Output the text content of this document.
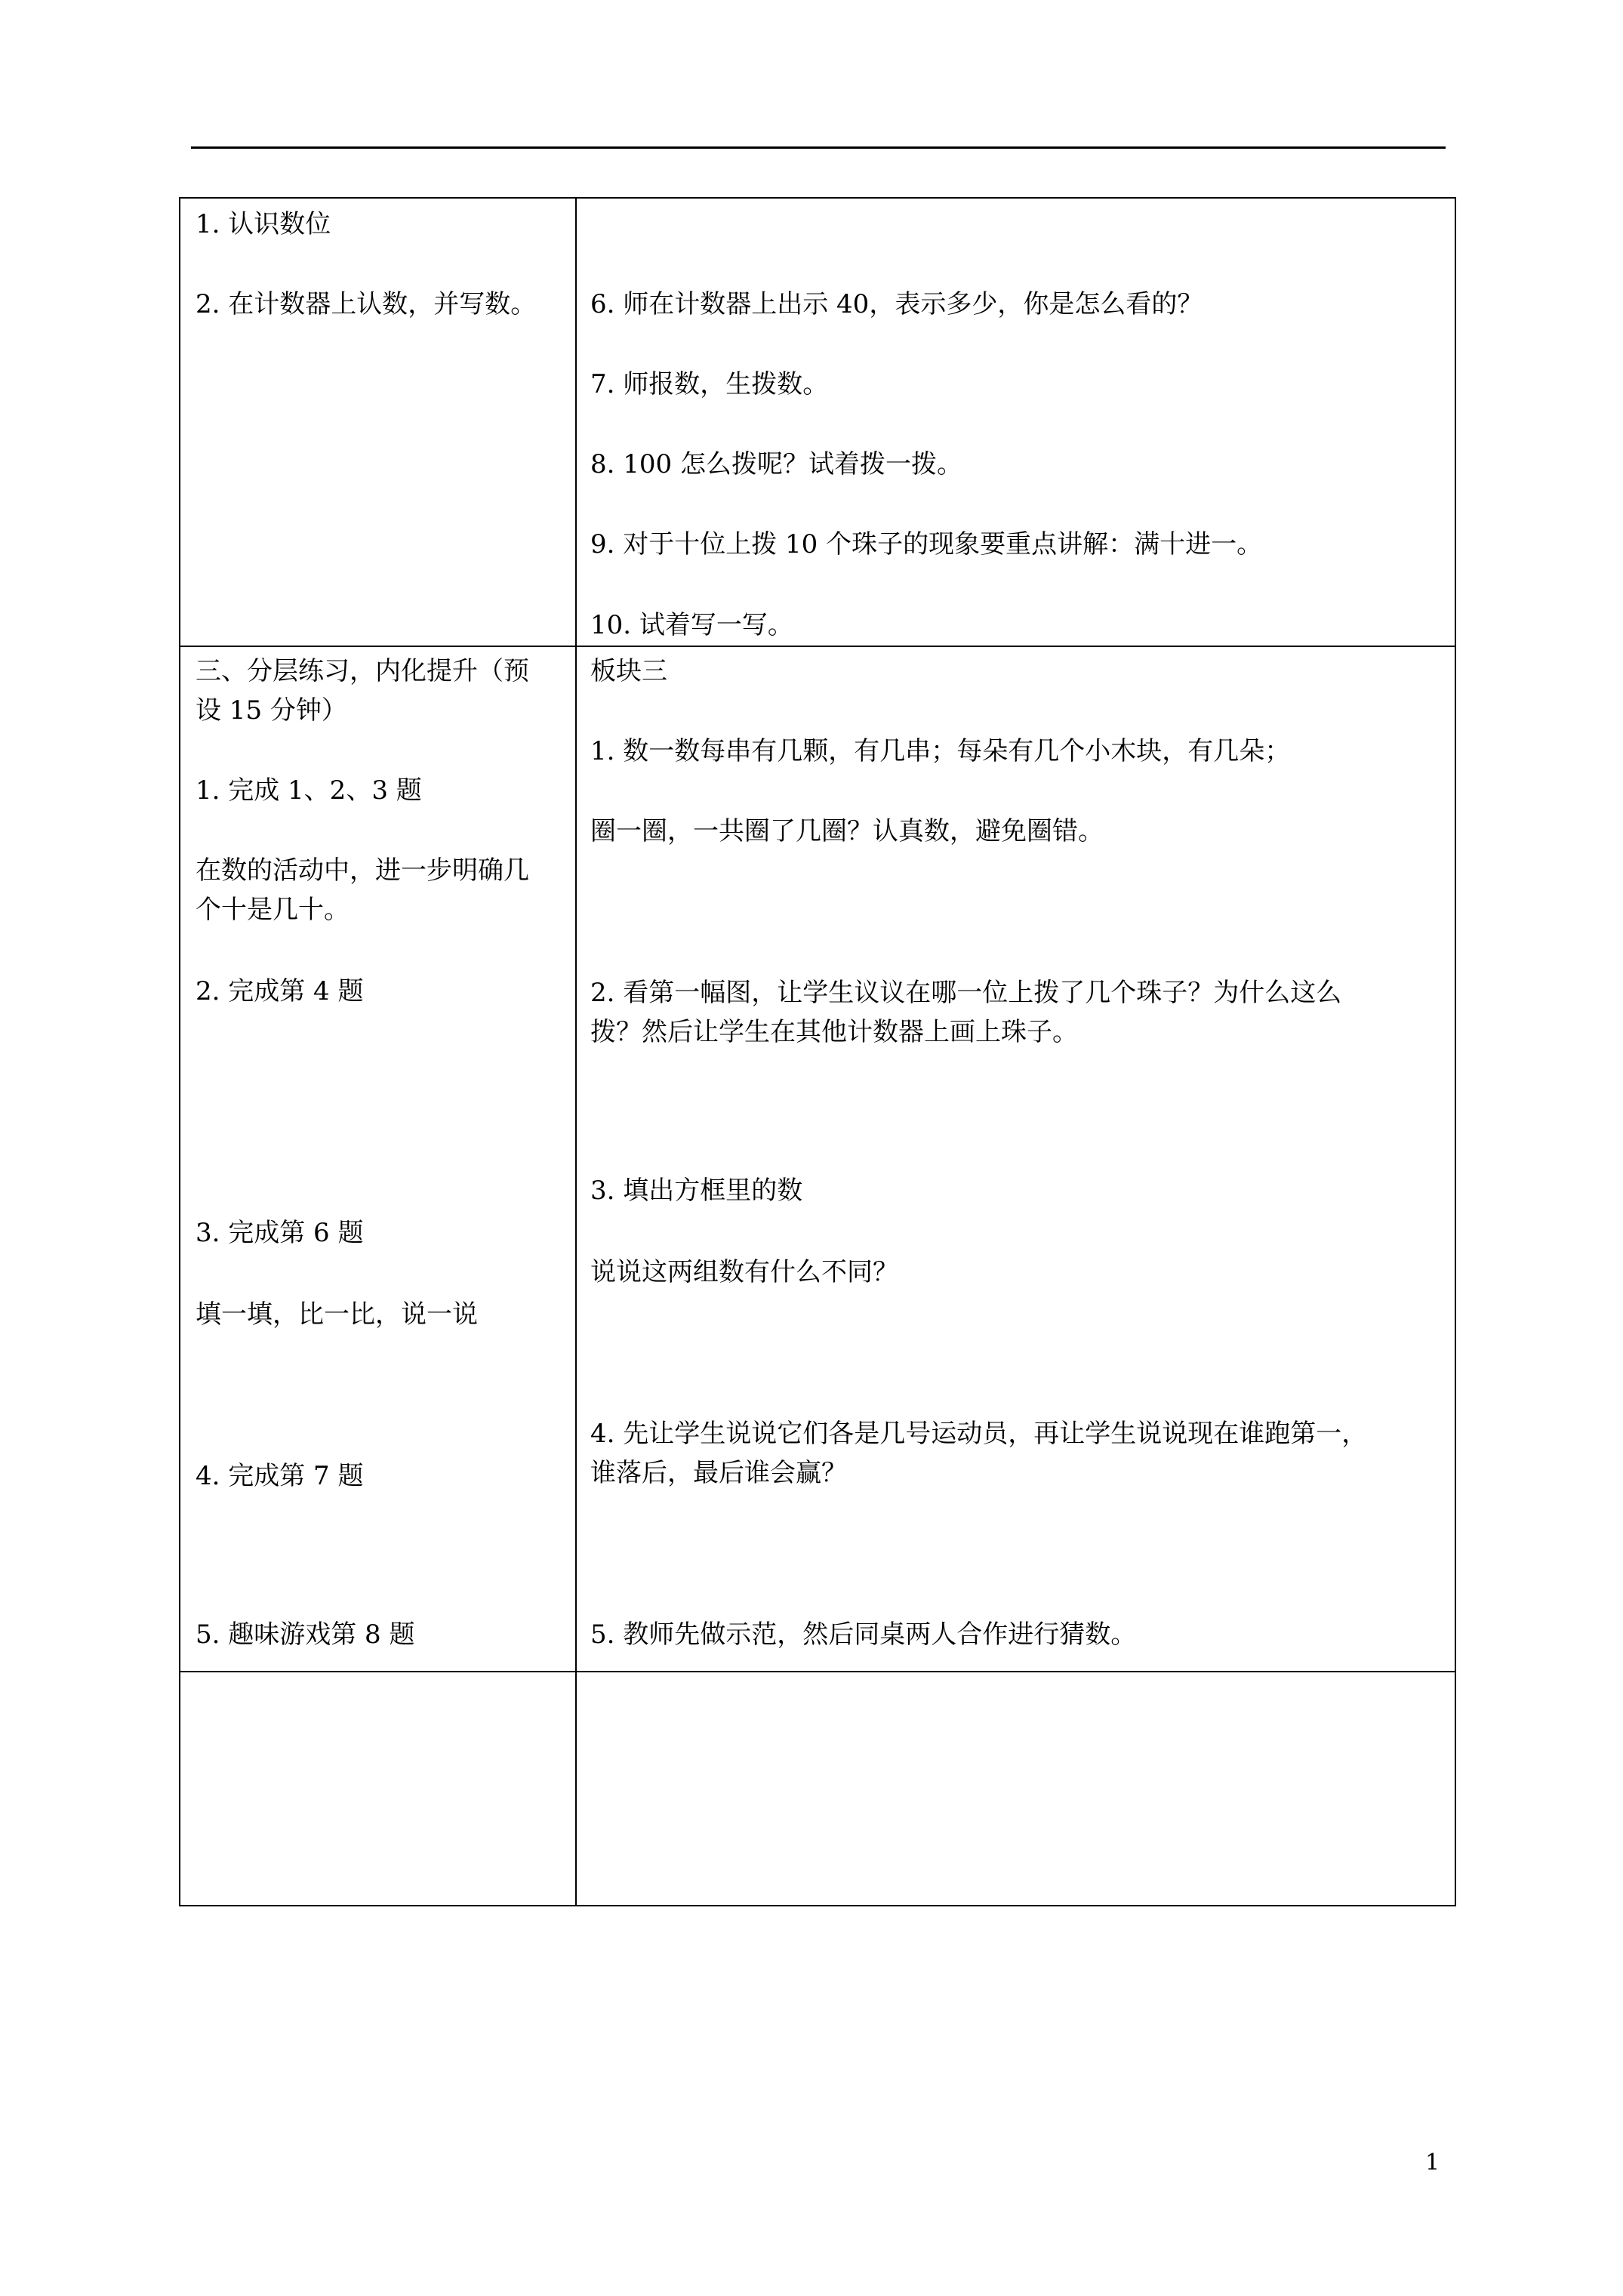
1. 认识数位
2. 在计数器上认数，并写数。 6. 师在计数器上出示 40，表示多少，你是怎么看的？
7. 师报数，生拨数。
8. 100 怎么拨呢？试着拨一拨。
9. 对于十位上拨 10 个珠子的现象要重点讲解：满十进一。
10. 试着写一写。
三、分层练习，内化提升（预
设 15 分钟）
1. 完成 1、2、3 题
在数的活动中，进一步明确几
个十是几十。
2. 完成第 4 题
3. 完成第 6 题
填一填，比一比，说一说
4. 完成第 7 题
5. 趣味游戏第 8 题
板块三
1. 数一数每串有几颗，有几串；每朵有几个小木块，有几朵；
圈一圈，一共圈了几圈？认真数，避免圈错。
2. 看第一幅图，让学生议议在哪一位上拨了几个珠子？为什么这么
拨？然后让学生在其他计数器上画上珠子。
3. 填出方框里的数
说说这两组数有什么不同？
4. 先让学生说说它们各是几号运动员，再让学生说说现在谁跑第一，
谁落后，最后谁会赢？
5. 教师先做示范，然后同桌两人合作进行猜数。
1
